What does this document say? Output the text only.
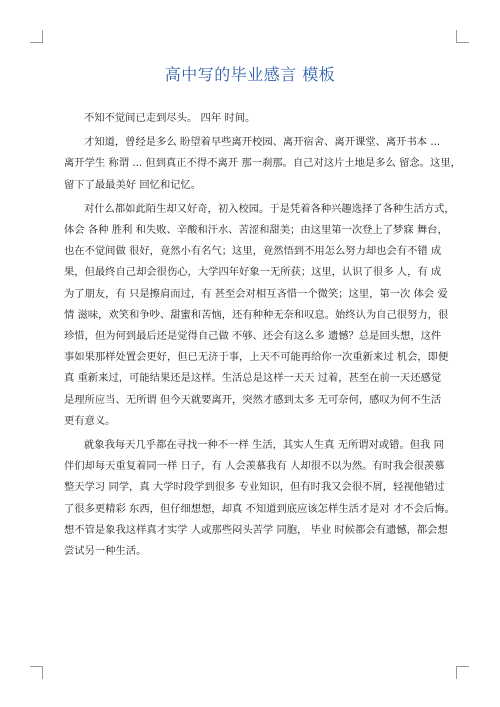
高中写的毕业感言 模板

不知不觉间已走到尽头。 四年 时间。

才知道，曾经是多么 盼望着早些离开校园、离开宿舍、离开课堂、离开书本 ...
离开学生 称谓 ... 但到真正不得不离开 那一刹那。自己对这片土地是多么 留念。这里，
留下了最最美好 回忆和记忆。

对什么都如此陌生却又好奇，初入校园。于是凭着各种兴趣选择了各种生活方式，
体会 各种 胜利 和失败、辛酸和汗水、苦涩和甜美；由这里第一次登上了梦寐 舞台，
也在不觉间做 很好，竟然小有名气；这里，竟然悟到不用怎么努力却也会有不错 成
果，但最终自己却会很伤心，大学四年好象一无所获；这里，认识了很多 人，有 成
为了朋友，有 只是擦肩而过，有 甚至会对相互吝惜一个微笑；这里，第一次 体会 爱
情 滋味，欢笑和争吵、甜蜜和苦恼，还有种种无奈和叹息。始终认为自己很努力，很
珍惜，但为何到最后还是觉得自己做 不够、还会有这么多 遗憾？总是回头想，这件
事如果那样处置会更好，但已无济于事，上天不可能再给你一次重新来过 机会，即便
真 重新来过，可能结果还是这样。生活总是这样一天天 过着，甚至在前一天还感觉
是理所应当、无所谓 但今天就要离开，突然才感到太多 无可奈何，感叹为何不生活
更有意义。

就象我每天几乎都在寻找一种不一样 生活，其实人生真 无所谓对或错。但我 同
伴们却每天重复着同一样 日子，有 人会羡慕我有 人却很不以为然。有时我会很羡慕
整天学习 同学，真 大学时段学到很多 专业知识，但有时我又会很不屑，轻视他错过
了很多更精彩 东西，但仔细想想，却真 不知道到底应该怎样生活才是对 才不会后悔。
想不管是象我这样真才实学 人或那些闷头苦学 同胞， 毕业 时候都会有遗憾，都会想
尝试另一种生活。
